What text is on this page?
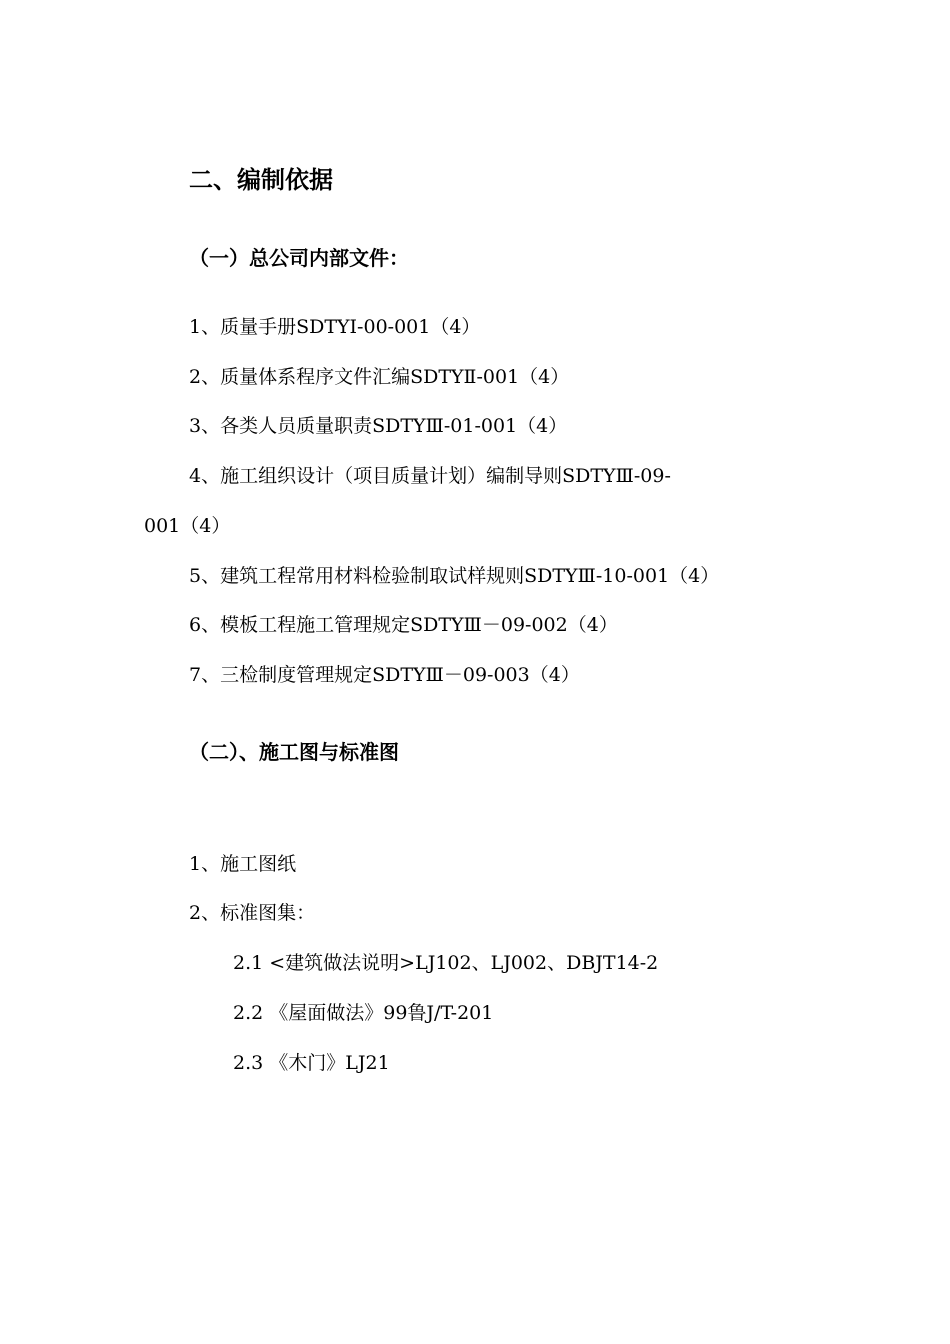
二、编制依据
（一）总公司内部文件：
1、质量手册SDTYⅠ-00-001（4）
2、质量体系程序文件汇编SDTYⅡ-001（4）
3、各类人员质量职责SDTYⅢ-01-001（4）
4、施工组织设计（项目质量计划）编制导则SDTYⅢ-09-
001（4）
5、建筑工程常用材料检验制取试样规则SDTYⅢ-10-001（4）
6、模板工程施工管理规定SDTYⅢ－09-002（4）
7、三检制度管理规定SDTYⅢ－09-003（4）
（二）、施工图与标准图
1、施工图纸
2、标准图集：
2.1 <建筑做法说明>LJ102、LJ002、DBJT14-2
2.2 《屋面做法》99鲁J/T-201
2.3 《木门》LJ21
